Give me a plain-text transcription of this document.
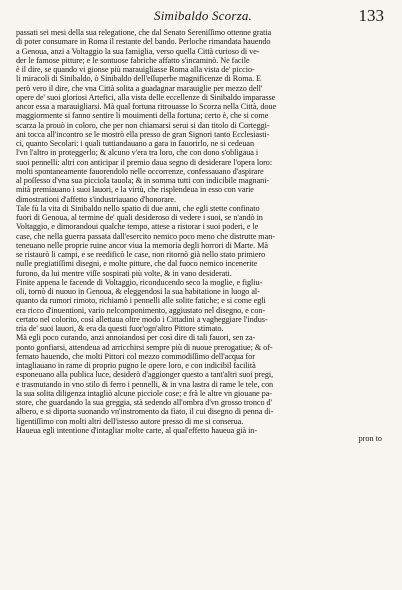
Simibaldo Scorza.	133
passati sei mesi della sua relegatione, che dal Senato Sereniſſimo ottenne gratia
di poter consumare in Roma il restante del bando. Perloche rimandata hauendo
a Genoua, anzi a Voltaggio la sua famiglia, verso quella Città curioso di ve-
der le famose pitture; e le sontuose fabriche affatto s'incaminò. Ne facile
è il dire, se quando vi gionse più marauigliasse Roma alla vista de' piccio-
li miracoli di Sinibaldo, ò Sinibaldo dell'eſſuperbe magnificenze di Roma. E
però vero il dire, che vna Città solita a guadagnar marauiglie per mezzo dell'
opere de' suoi gloriosi Artefici, alla vista delle eccellenze di Sinibaldo imparasse
ancor essa a marauigliarsi. Mà qual fortuna ritrouasse lo Scorza nella Città, doue
maggiormente si fanno sentire li mouimenti della fortuna; certo è, che si come
scarza la prouò in coloro, che per non chiamarsi serui si dan titolo di Corteggi-
ani tocca all'incontro se le mostrò ella presso de gran Signori tanto Ecclesiasti-
ci, quanto Secolari: i quali tuttiandauano a gara in fauorirlo, ne si cedeuan
l'vn l'altro in proteggerlo; & alcuno v'era tra loro, che con dono s'obligaua i
suoi pennelli: altri con anticipar il premio daua segno di desiderare l'opera loro:
molti spontaneamente fauorendolo nelle occorrenze, confessauano d'aspirare
al poſſesso d'vna sua picciola tauola; & in somma tutti con indicibile magnani-
mità premiauano i suoi lauori, e la virtù, che risplendeua in esso con varie
dimostrationi d'affetto s'industriauano d'honorare.
Tale fù la vita di Sinibaldo nello spatio di due anni, che egli stette confinato
fuori di Genoua, al termine de' quali desideroso di vedere i suoi, se n'andò in
Voltaggio, e dimorandoui qualche tempo, attese a ristorar i suoi poderi, e le
case, che nella guerra passata dall'esercito nemico poco meno che distrutte man-
teneuano nelle proprie ruine ancor viua la memoria degli horrori di Marte. Mà
se ristaurò li campi, e se reedificò le case, non ritornò già nello stato primiero
nulle pregiatiſſimi disegni, e molte pitture, che dal fuoco nemico incenerite
furono, da lui mentre viſſe sospirati più volte, & in vano desiderati.
Finite appena le facende di Voltaggio, riconducendo seco la moglie, e figliu-
oli, tornò di nuouo in Genoua, & eleggendosi la sua habitatione in luogo al-
quanto da rumori rimoto, richiamò i pennelli alle solite fatiche; e si come egli
era ricco d'inuentioni, vario nelcomponimento, aggiustato nel disegno, e con-
certato nel colorito, così allettaua oltre modo i Cittadini a vagheggiare l'indus-
tria de' suoi lauori, & era da questi fuor'ogn'altro Pittore stimato.
Mà egli poco curando, anzi annoiandosi per così dire di tali fauori, sen za-
ponto gonfiarsi, attendeua ad arricchirsi sempre più di nuoue prerogatiue; & of-
fernato hauendo, che molti Pittori col mezzo commodiſſimo dell'acqua for
intagliauano in rame di proprio pugno le opere loro, e con indicibil facilità
esponeuano alla publica luce, desiderò d'aggionger questo a tant'altri suoi pregi,
e trasmutando in vno stilo di ferro i pennelli, & in vna lastra di rame le tele, con
la sua solita diligenza intagliò alcune picciole cose; e frà le altre vn giouane pa-
store, che guardando la sua greggia, stà sedendo all'ombra d'vn grosso tronco d'
albero, e si diporta suonando vn'instromento da fiato, il cui disegno di penna di-
ligentiſſimo con molti altri dell'istesso autore presso di me si conserua.
Haueua egli intentione d'intagliar molte carte, al qual'effetto haueua già in-
pron to
